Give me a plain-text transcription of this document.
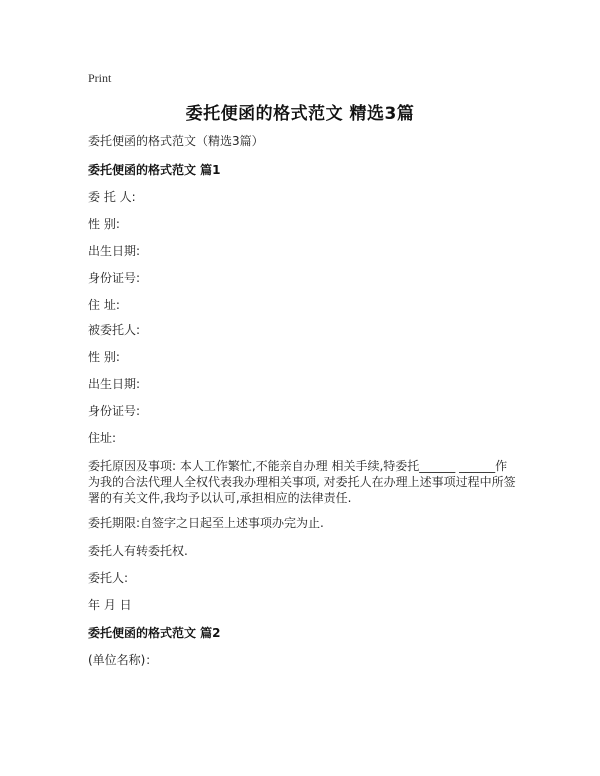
Print
委托便函的格式范文 精选3篇
委托便函的格式范文（精选3篇）
委托便函的格式范文 篇1
委 托 人:
性 别:
出生日期:
身份证号:
住 址:
被委托人:
性 别:
出生日期:
身份证号:
住址:
委托原因及事项: 本人工作繁忙,不能亲自办理 相关手续,特委托______ ______作为我的合法代理人全权代表我办理相关事项, 对委托人在办理上述事项过程中所签署的有关文件,我均予以认可,承担相应的法律责任.
委托期限:自签字之日起至上述事项办完为止.
委托人有转委托权.
委托人:
年 月 日
委托便函的格式范文 篇2
(单位名称)：
